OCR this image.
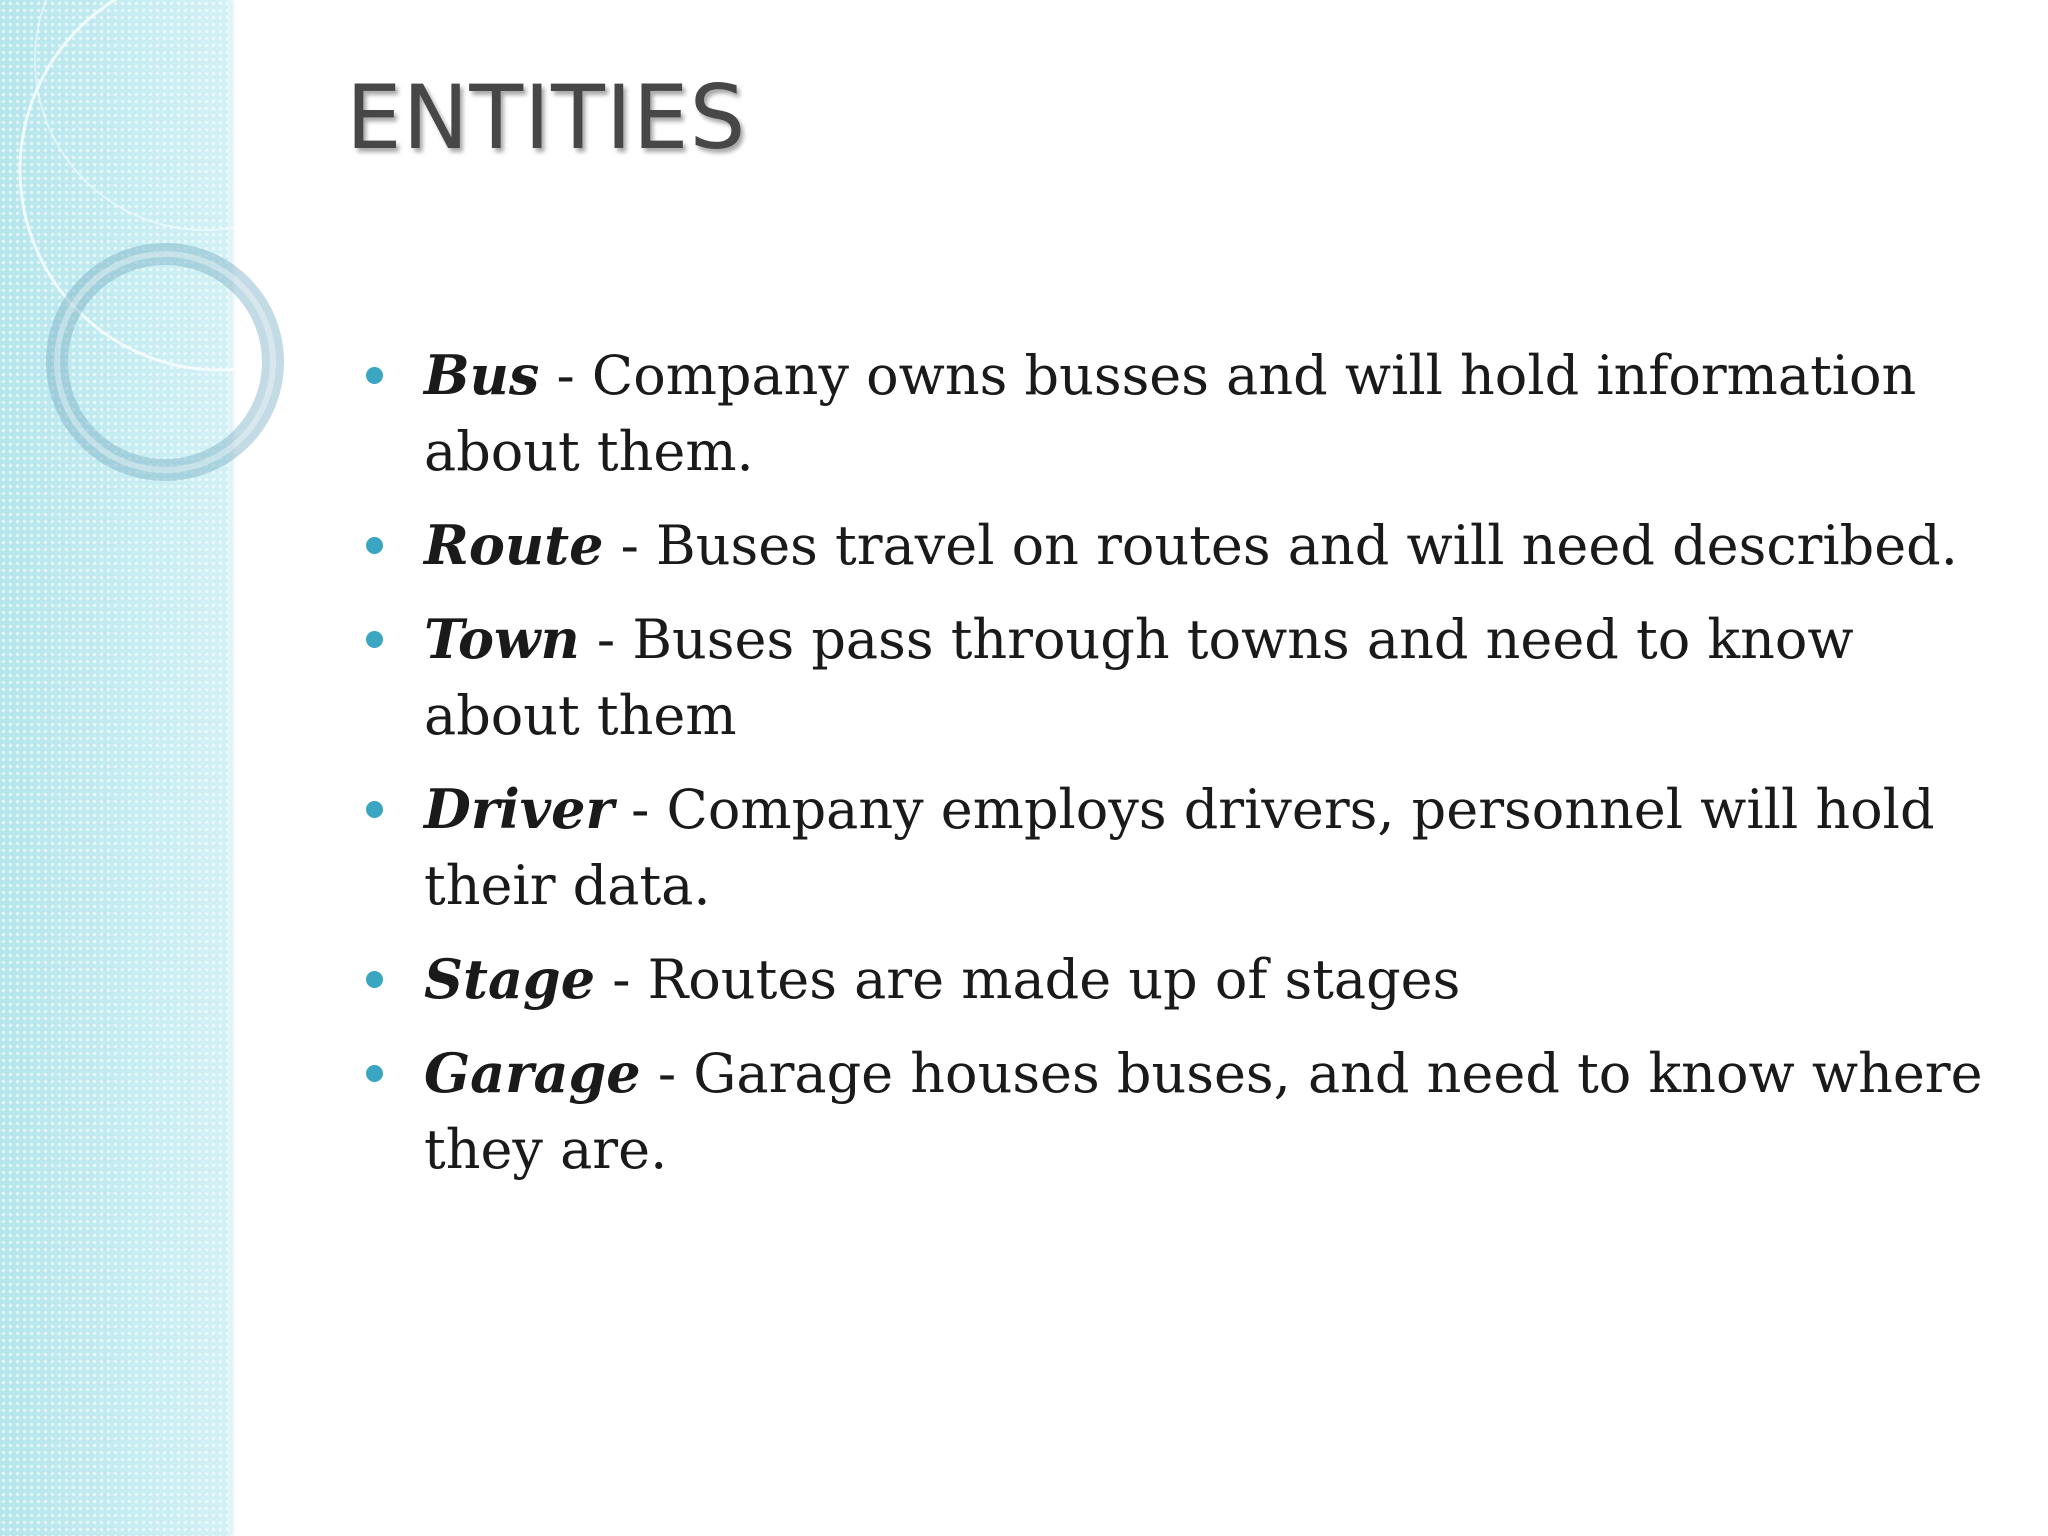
ENTITIES
Bus - Company owns busses and will hold information about them.
Route - Buses travel on routes and will need described.
Town - Buses pass through towns and need to know about them
Driver - Company employs drivers, personnel will hold their data.
Stage - Routes are made up of stages
Garage - Garage houses buses, and need to know where they are.
